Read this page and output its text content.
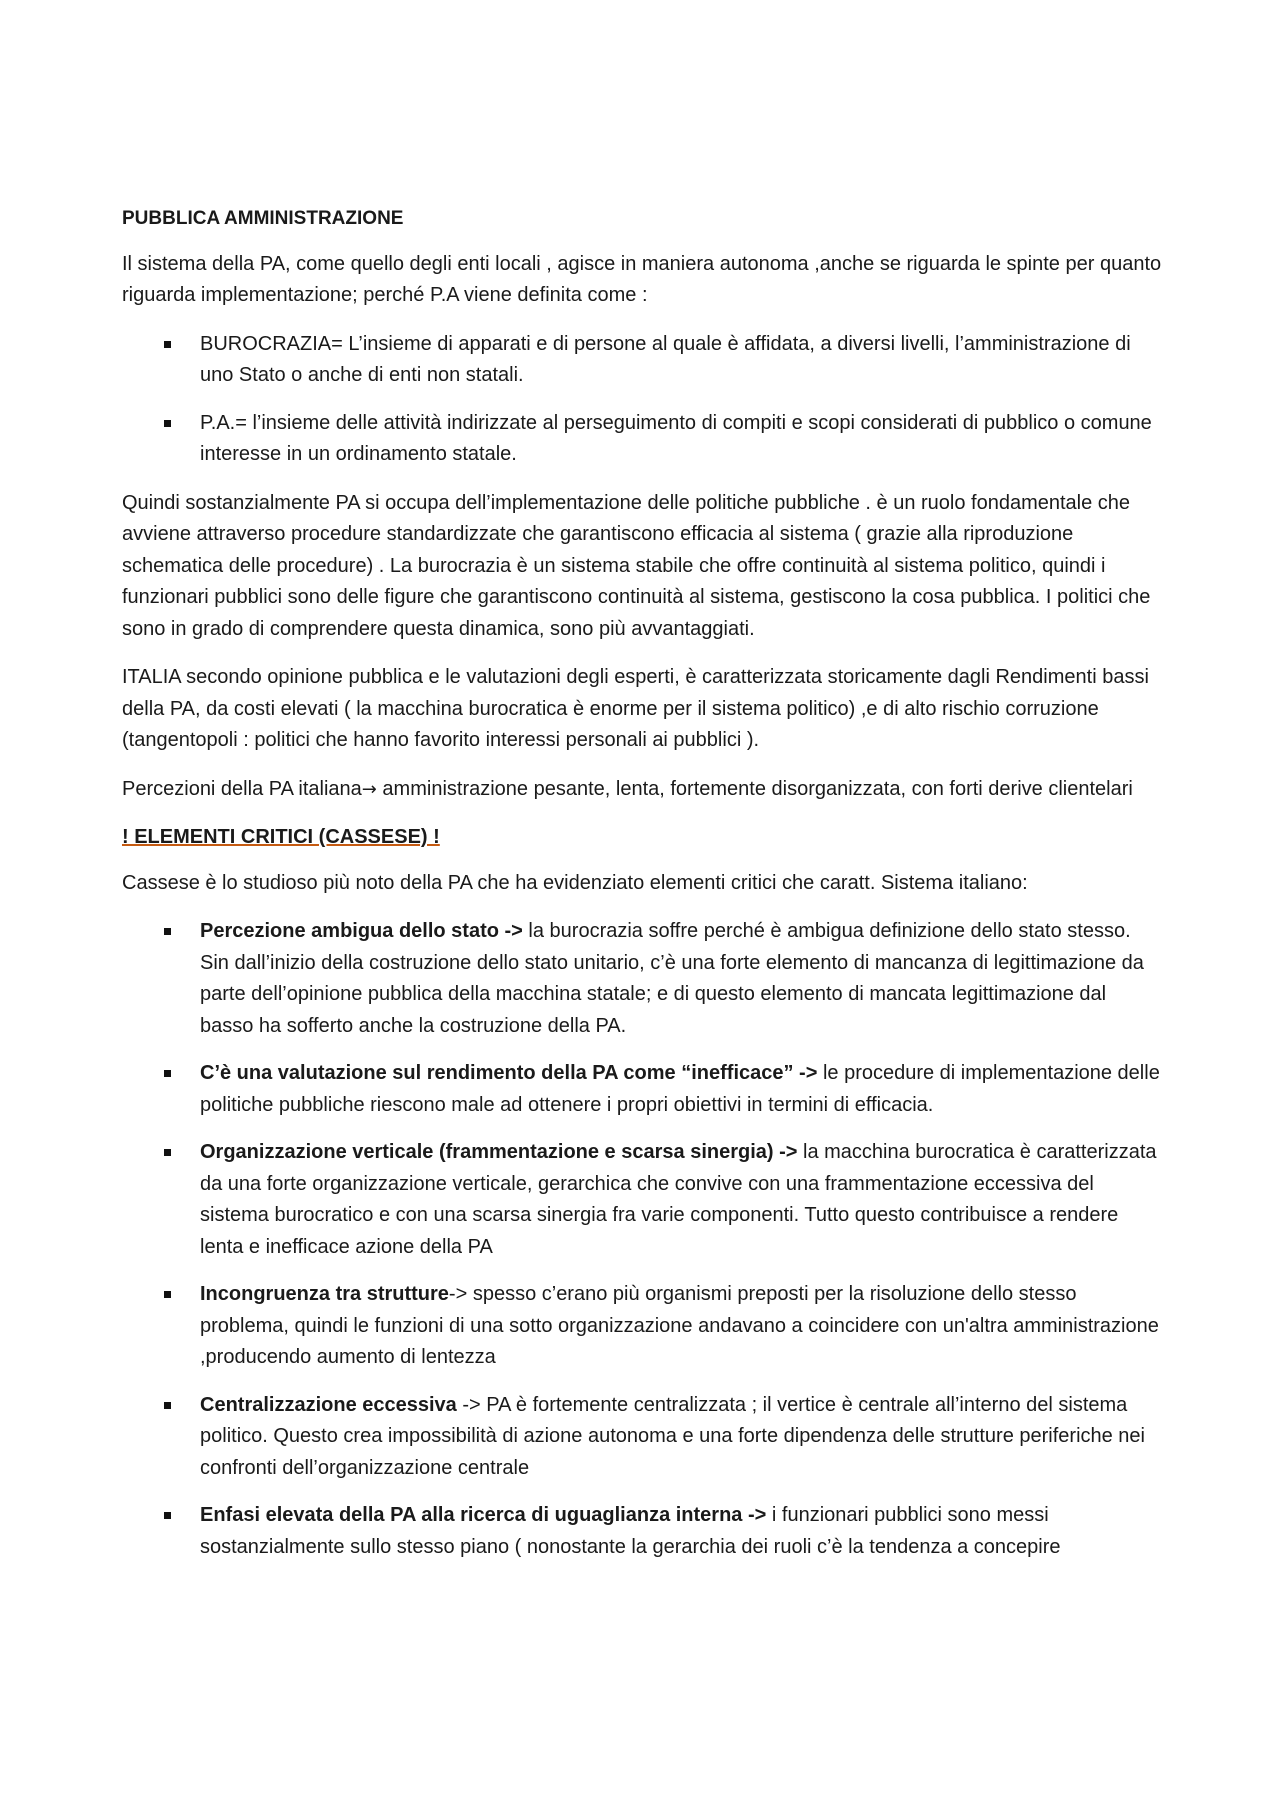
PUBBLICA AMMINISTRAZIONE

Il sistema della PA, come quello degli enti locali , agisce in maniera autonoma ,anche se riguarda le spinte per quanto riguarda implementazione; perché P.A viene definita come :

BUROCRAZIA= L’insieme di apparati e di persone al quale è affidata, a diversi livelli, l’amministrazione di uno Stato o anche di enti non statali.
P.A.= l’insieme delle attività indirizzate al perseguimento di compiti e scopi considerati di pubblico o comune interesse in un ordinamento statale.

Quindi sostanzialmente PA si occupa dell’implementazione delle politiche pubbliche . è un ruolo fondamentale che avviene attraverso procedure standardizzate che garantiscono efficacia al sistema ( grazie alla riproduzione schematica delle procedure) . La burocrazia è un sistema stabile che offre continuità al sistema politico, quindi i funzionari pubblici sono delle figure che garantiscono continuità al sistema, gestiscono la cosa pubblica. I politici che sono in grado di comprendere questa dinamica, sono più avvantaggiati.

ITALIA secondo opinione pubblica e le valutazioni degli esperti, è caratterizzata storicamente dagli Rendimenti bassi della PA, da costi elevati ( la macchina burocratica è enorme per il sistema politico) ,e di alto rischio corruzione (tangentopoli : politici che hanno favorito interessi personali ai pubblici ).

Percezioni della PA italiana→ amministrazione pesante, lenta, fortemente disorganizzata, con forti derive clientelari

! ELEMENTI CRITICI (CASSESE) !

Cassese è lo studioso più noto della PA che ha evidenziato elementi critici che caratt. Sistema italiano:

Percezione ambigua dello stato -> la burocrazia soffre perché è ambigua definizione dello stato stesso. Sin dall’inizio della costruzione dello stato unitario, c’è una forte elemento di mancanza di legittimazione da parte dell’opinione pubblica della macchina statale; e di questo elemento di mancata legittimazione dal basso ha sofferto anche la costruzione della PA.
C’è una valutazione sul rendimento della PA come “inefficace” -> le procedure di implementazione delle politiche pubbliche riescono male ad ottenere i propri obiettivi in termini di efficacia.
Organizzazione verticale (frammentazione e scarsa sinergia) -> la macchina burocratica è caratterizzata da una forte organizzazione verticale, gerarchica che convive con una frammentazione eccessiva del sistema burocratico e con una scarsa sinergia fra varie componenti. Tutto questo contribuisce a rendere lenta e inefficace azione della PA
Incongruenza tra strutture-> spesso c’erano più organismi preposti per la risoluzione dello stesso problema, quindi le funzioni di una sotto organizzazione andavano a coincidere con un'altra amministrazione ,producendo aumento di lentezza
Centralizzazione eccessiva -> PA è fortemente centralizzata ; il vertice è centrale all’interno del sistema politico. Questo crea impossibilità di azione autonoma e una forte dipendenza delle strutture periferiche nei confronti dell’organizzazione centrale
Enfasi elevata della PA alla ricerca di uguaglianza interna -> i funzionari pubblici sono messi sostanzialmente sullo stesso piano ( nonostante la gerarchia dei ruoli c’è la tendenza a concepire
